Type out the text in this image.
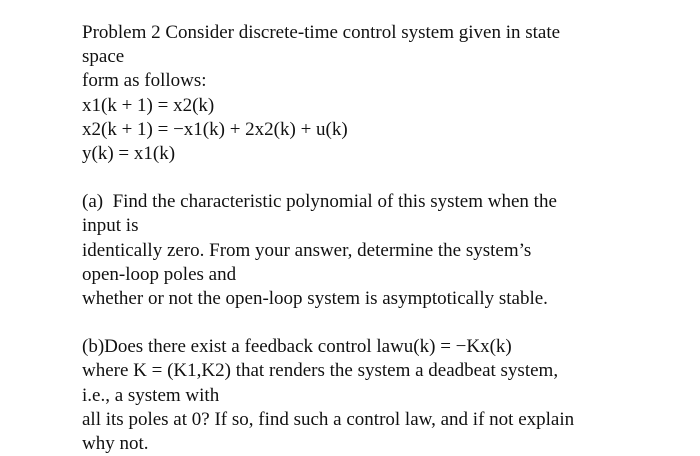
Problem 2 Consider discrete-time control system given in state
space
form as follows:
x1(k + 1) = x2(k)
x2(k + 1) = −x1(k) + 2x2(k) + u(k)
y(k) = x1(k)
(a)  Find the characteristic polynomial of this system when the
input is
identically zero. From your answer, determine the system’s
open-loop poles and
whether or not the open-loop system is asymptotically stable.
(b)Does there exist a feedback control lawu(k) = −Kx(k)
where K = (K1,K2) that renders the system a deadbeat system,
i.e., a system with
all its poles at 0? If so, find such a control law, and if not explain
why not.
